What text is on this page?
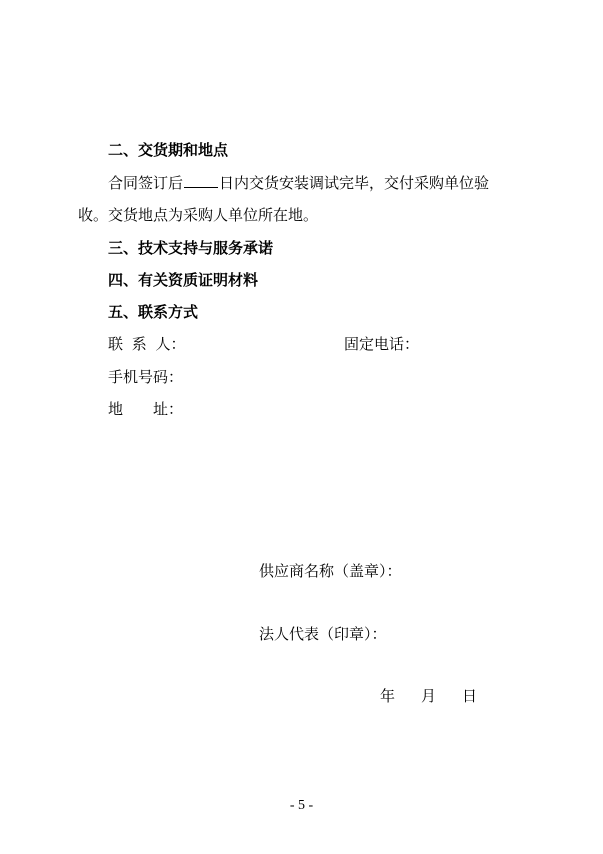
二、交货期和地点
合同签订后 日内交货安装调试完毕，交付采购单位验
收。交货地点为采购人单位所在地。
三、技术支持与服务承诺
四、有关资质证明材料
五、联系方式
联 系 人：	固定电话：
手机号码：
地 址：
供应商名称（盖章）：
法人代表（印章）：
年 月 日
- 5 -
